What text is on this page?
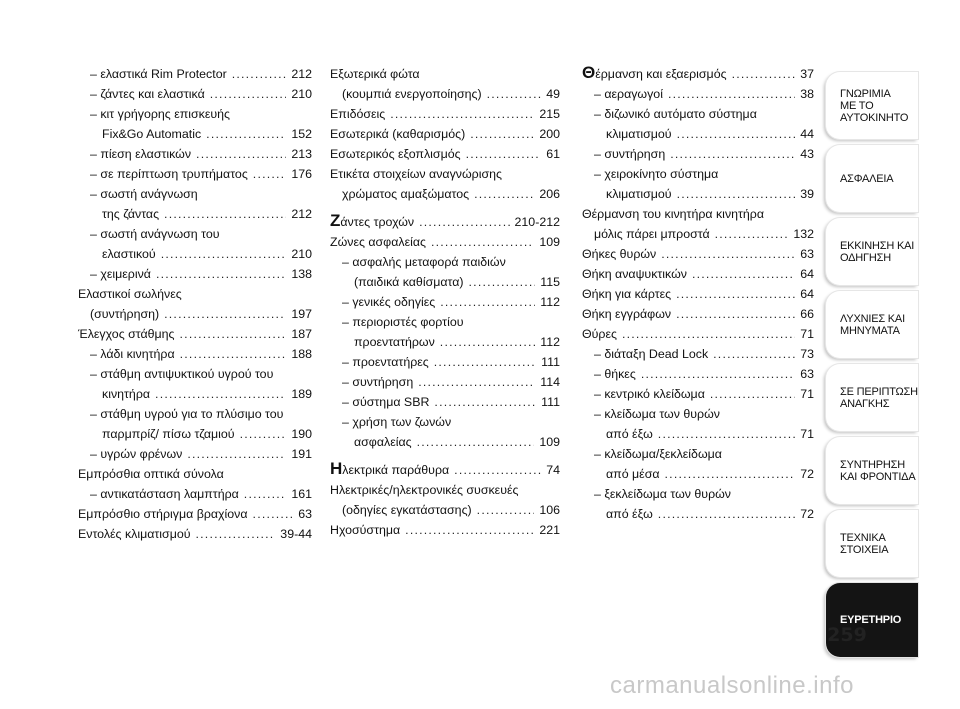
– ελαστικά Rim Protector .....	212
– ζάντες και ελαστικά .....	210
– κιτ γρήγορης επισκευής
Fix&Go Automatic .....	152
– πίεση ελαστικών .....	213
– σε περίπτωση τρυπήματος .....	176
– σωστή ανάγνωση
της ζάντας .....	212
– σωστή ανάγνωση του
ελαστικού .....	210
– χειμερινά .....	138
Ελαστικοί σωλήνες
(συντήρηση) .....	197
Έλεγχος στάθμης .....	187
– λάδι κινητήρα .....	188
– στάθμη αντιψυκτικού υγρού του
κινητήρα .....	189
– στάθμη υγρού για το πλύσιμο του
παρμπρίζ/ πίσω τζαμιού .....	190
– υγρών φρένων .....	191
Εμπρόσθια οπτικά σύνολα
– αντικατάσταση λαμπτήρα .....	161
Εμπρόσθιο στήριγμα βραχίονα .....	63
Εντολές κλιματισμού .....	39-44
Εξωτερικά φώτα
(κουμπιά ενεργοποίησης) .....	49
Επιδόσεις .....	215
Εσωτερικά (καθαρισμός) .....	200
Εσωτερικός εξοπλισμός .....	61
Ετικέτα στοιχείων αναγνώρισης
χρώματος αμαξώματος .....	206
Ζάντες τροχών .....	210-212
Ζώνες ασφαλείας .....	109
– ασφαλής μεταφορά παιδιών
(παιδικά καθίσματα) .....	115
– γενικές οδηγίες .....	112
– περιοριστές φορτίου
προεντατήρων .....	112
– προεντατήρες .....	111
– συντήρηση .....	114
– σύστημα SBR .....	111
– χρήση των ζωνών
ασφαλείας .....	109
Ηλεκτρικά παράθυρα .....	74
Ηλεκτρικές/ηλεκτρονικές συσκευές
(οδηγίες εγκατάστασης) .....	106
Ηχοσύστημα .....	221
Θέρμανση και εξαερισμός .....	37
– αεραγωγοί .....	38
– διζωνικό αυτόματο σύστημα
κλιματισμού .....	44
– συντήρηση .....	43
– χειροκίνητο σύστημα
κλιματισμού .....	39
Θέρμανση του κινητήρα κινητήρα
μόλις πάρει μπροστά .....	132
Θήκες θυρών .....	63
Θήκη αναψυκτικών .....	64
Θήκη για κάρτες .....	64
Θήκη εγγράφων .....	66
Θύρες .....	71
– διάταξη Dead Lock .....	73
– θήκες .....	63
– κεντρικό κλείδωμα .....	71
– κλείδωμα των θυρών
από έξω .....	71
– κλείδωμα/ξεκλείδωμα
από μέσα .....	72
– ξεκλείδωμα των θυρών
από έξω .....	72
ΓΝΩΡΙΜΙΑ
ΜΕ ΤΟ
ΑΥΤΟΚΙΝΗΤΟ
ΑΣΦΑΛΕΙΑ
ΕΚΚΙΝΗΣΗ ΚΑΙ
ΟΔΗΓΗΣΗ
ΛΥΧΝΙΕΣ ΚΑΙ
ΜΗΝΥΜΑΤΑ
ΣΕ ΠΕΡΙΠΤΩΣΗ
ΑΝΑΓΚΗΣ
ΣΥΝΤΗΡΗΣΗ
ΚΑΙ ΦΡΟΝΤΙΔΑ
ΤΕΧΝΙΚΑ
ΣΤΟΙΧΕΙΑ
ΕΥΡΕΤΗΡΙΟ
259
carmanualsonline.info
